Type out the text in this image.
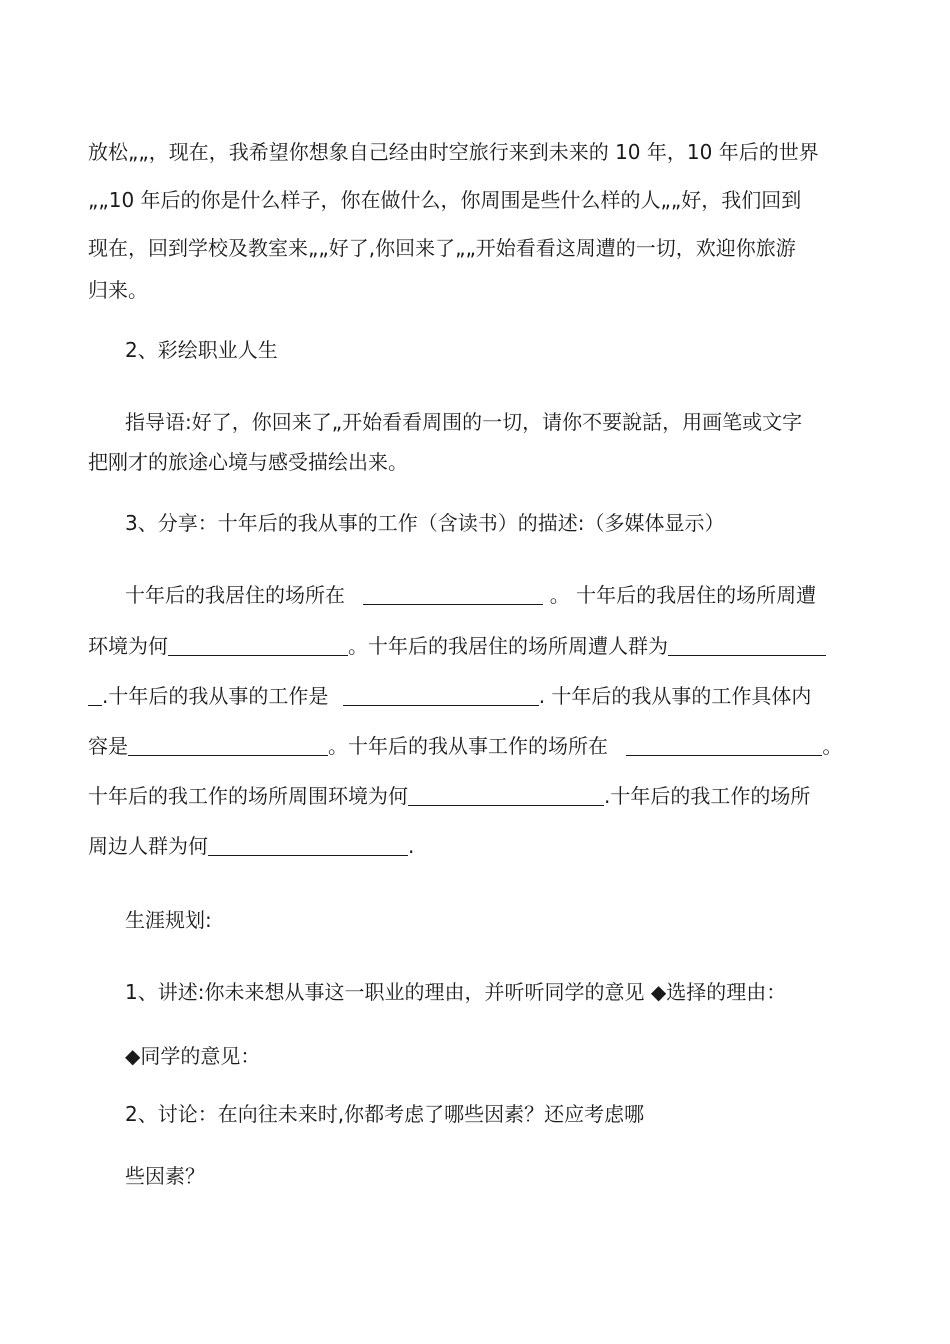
放松„„，现在，我希望你想象自己经由时空旅行来到未来的 10 年，10 年后的世界
„„10 年后的你是什么样子，你在做什么，你周围是些什么样的人„„好，我们回到
现在，回到学校及教室来„„好了,你回来了„„开始看看这周遭的一切，欢迎你旅游
归来。
2、彩绘职业人生
指导语:好了，你回来了„开始看看周围的一切，请你不要說話，用画笔或文字
把刚才的旅途心境与感受描绘出来。
3、分享：十年后的我从事的工作（含读书）的描述:（多媒体显示）
十年后的我居住的场所在	。 十年后的我居住的场所周遭
环境为何	。十年后的我居住的场所周遭人群为
.十年后的我从事的工作是	. 十年后的我从事的工作具体内
容是	。十年后的我从事工作的场所在	。
十年后的我工作的场所周围环境为何	.十年后的我工作的场所
周边人群为何	.
生涯规划:
1、讲述:你未来想从事这一职业的理由，并听听同学的意见 ◆选择的理由：
◆同学的意见：
2、讨论：在向往未来时,你都考虑了哪些因素？还应考虑哪
些因素？
